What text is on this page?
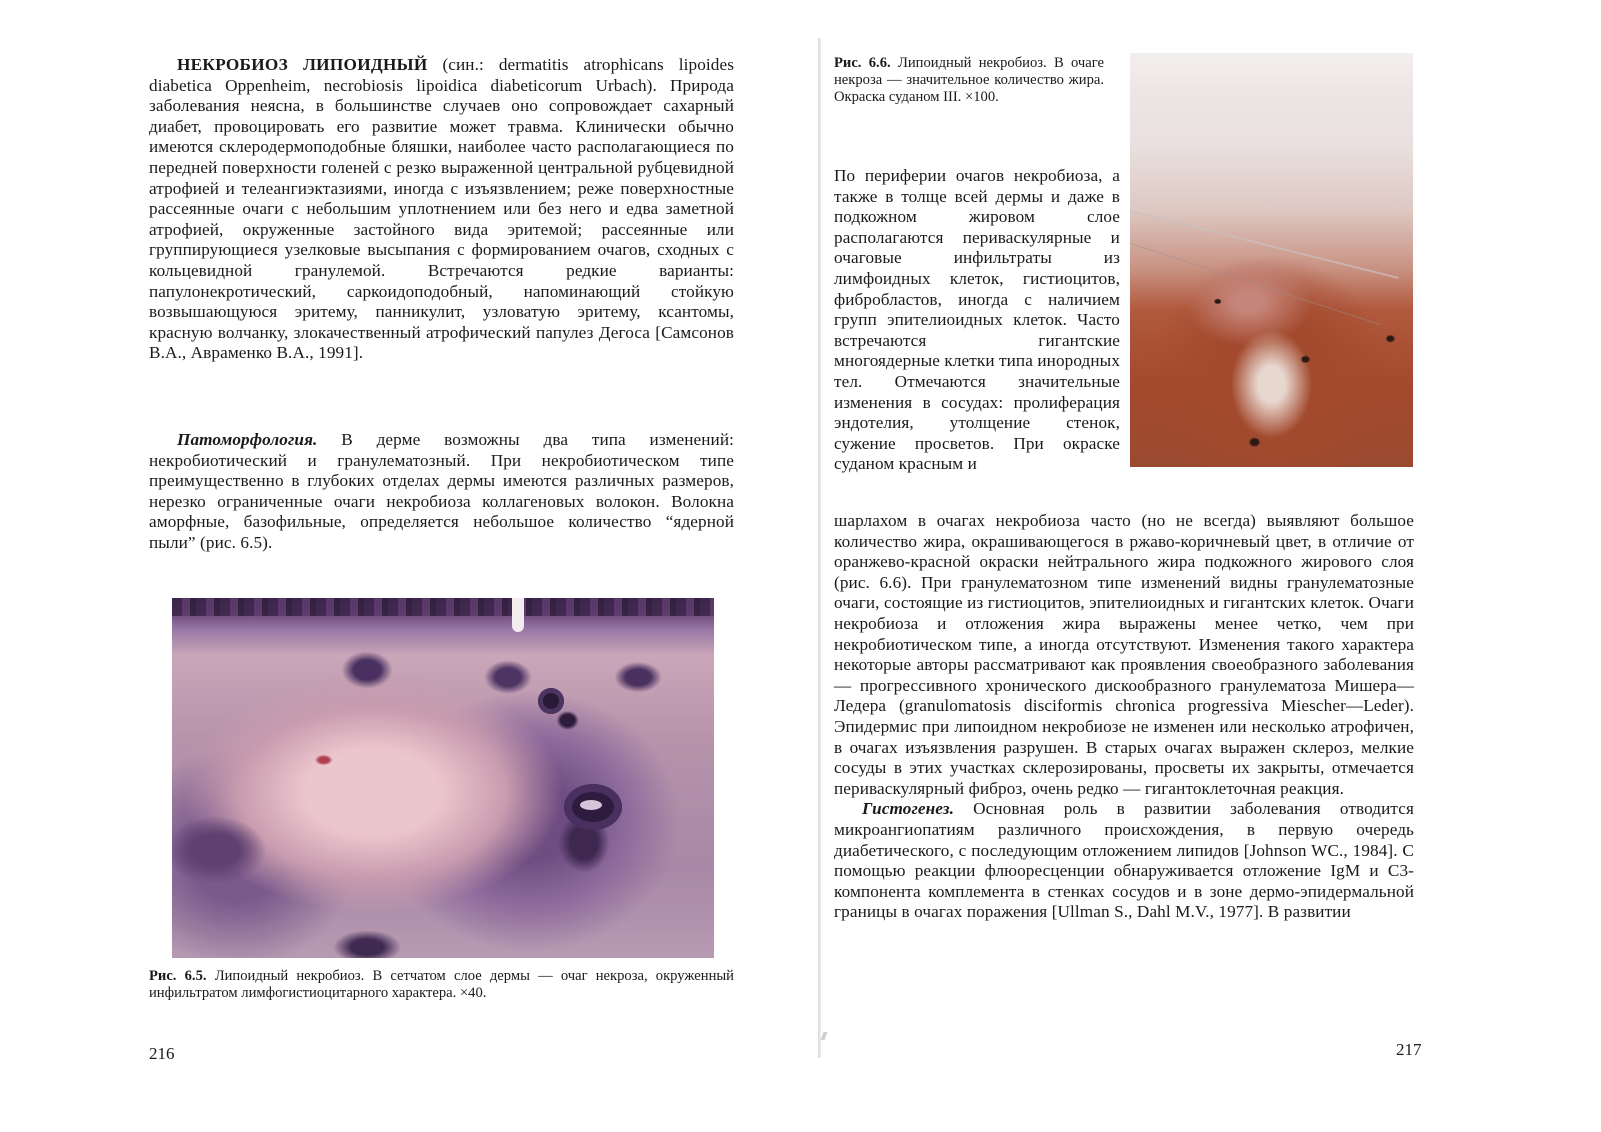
НЕКРОБИОЗ ЛИПОИДНЫЙ (син.: dermatitis atrophicans lipoides diabetica Oppenheim, necrobiosis lipoidica diabeticorum Urbach). Природа заболевания неясна, в большинстве случаев оно сопровождает сахарный диабет, провоцировать его развитие может травма. Клинически обычно имеются склеродермоподобные бляшки, наиболее часто располагающиеся по передней поверхности голеней с резко выраженной центральной рубцевидной атрофией и телеангиэктазиями, иногда с изъязвлением; реже поверхностные рассеянные очаги с небольшим уплотнением или без него и едва заметной атрофией, окруженные застойного вида эритемой; рассеянные или группирующиеся узелковые высыпания с формированием очагов, сходных с кольцевидной гранулемой. Встречаются редкие варианты: папулонекротический, саркоидоподобный, напоминающий стойкую возвышающуюся эритему, панникулит, узловатую эритему, ксантомы, красную волчанку, злокачественный атрофический папулез Дегоса [Самсонов В.А., Авраменко В.А., 1991].

Патоморфология. В дерме возможны два типа изменений: некробиотический и гранулематозный. При некробиотическом типе преимущественно в глубоких отделах дермы имеются различных размеров, нерезко ограниченные очаги некробиоза коллагеновых волокон. Волокна аморфные, базофильные, определяется небольшое количество “ядерной пыли” (рис. 6.5).

Рис. 6.5. Липоидный некробиоз. В сетчатом слое дермы — очаг некроза, окруженный инфильтратом лимфогистиоцитарного характера. ×40.
216
Рис. 6.6. Липоидный некробиоз. В очаге некроза — значительное количество жира. Окраска суданом III. ×100.

По периферии очагов некробиоза, а также в толще всей дермы и даже в подкожном жировом слое располагаются периваскулярные и очаговые инфильтраты из лимфоидных клеток, гистиоцитов, фибробластов, иногда с наличием групп эпителиоидных клеток. Часто встречаются гигантские многоядерные клетки типа инородных тел. Отмечаются значительные изменения в сосудах: пролиферация эндотелия, утолщение стенок, сужение просветов. При окраске суданом красным и

шарлахом в очагах некробиоза часто (но не всегда) выявляют большое количество жира, окрашивающегося в ржаво-коричневый цвет, в отличие от оранжево-красной окраски нейтрального жира подкожного жирового слоя (рис. 6.6). При гранулематозном типе изменений видны гранулематозные очаги, состоящие из гистиоцитов, эпителиоидных и гигантских клеток. Очаги некробиоза и отложения жира выражены менее четко, чем при некробиотическом типе, а иногда отсутствуют. Изменения такого характера некоторые авторы рассматривают как проявления своеобразного заболевания — прогрессивного хронического дискообразного гранулематоза Мишера—Ледера (granulomatosis disciformis chronica progressiva Miescher—Leder). Эпидермис при липоидном некробиозе не изменен или несколько атрофичен, в очагах изъязвления разрушен. В старых очагах выражен склероз, мелкие сосуды в этих участках склерозированы, просветы их закрыты, отмечается периваскулярный фиброз, очень редко — гигантоклеточная реакция.

Гистогенез. Основная роль в развитии заболевания отводится микроангиопатиям различного происхождения, в первую очередь диабетического, с последующим отложением липидов [Johnson WC., 1984]. С помощью реакции флюоресценции обнаруживается отложение IgM и C3-компонента комплемента в стенках сосудов и в зоне дермо-эпидермальной границы в очагах поражения [Ullman S., Dahl M.V., 1977]. В развитии

217
